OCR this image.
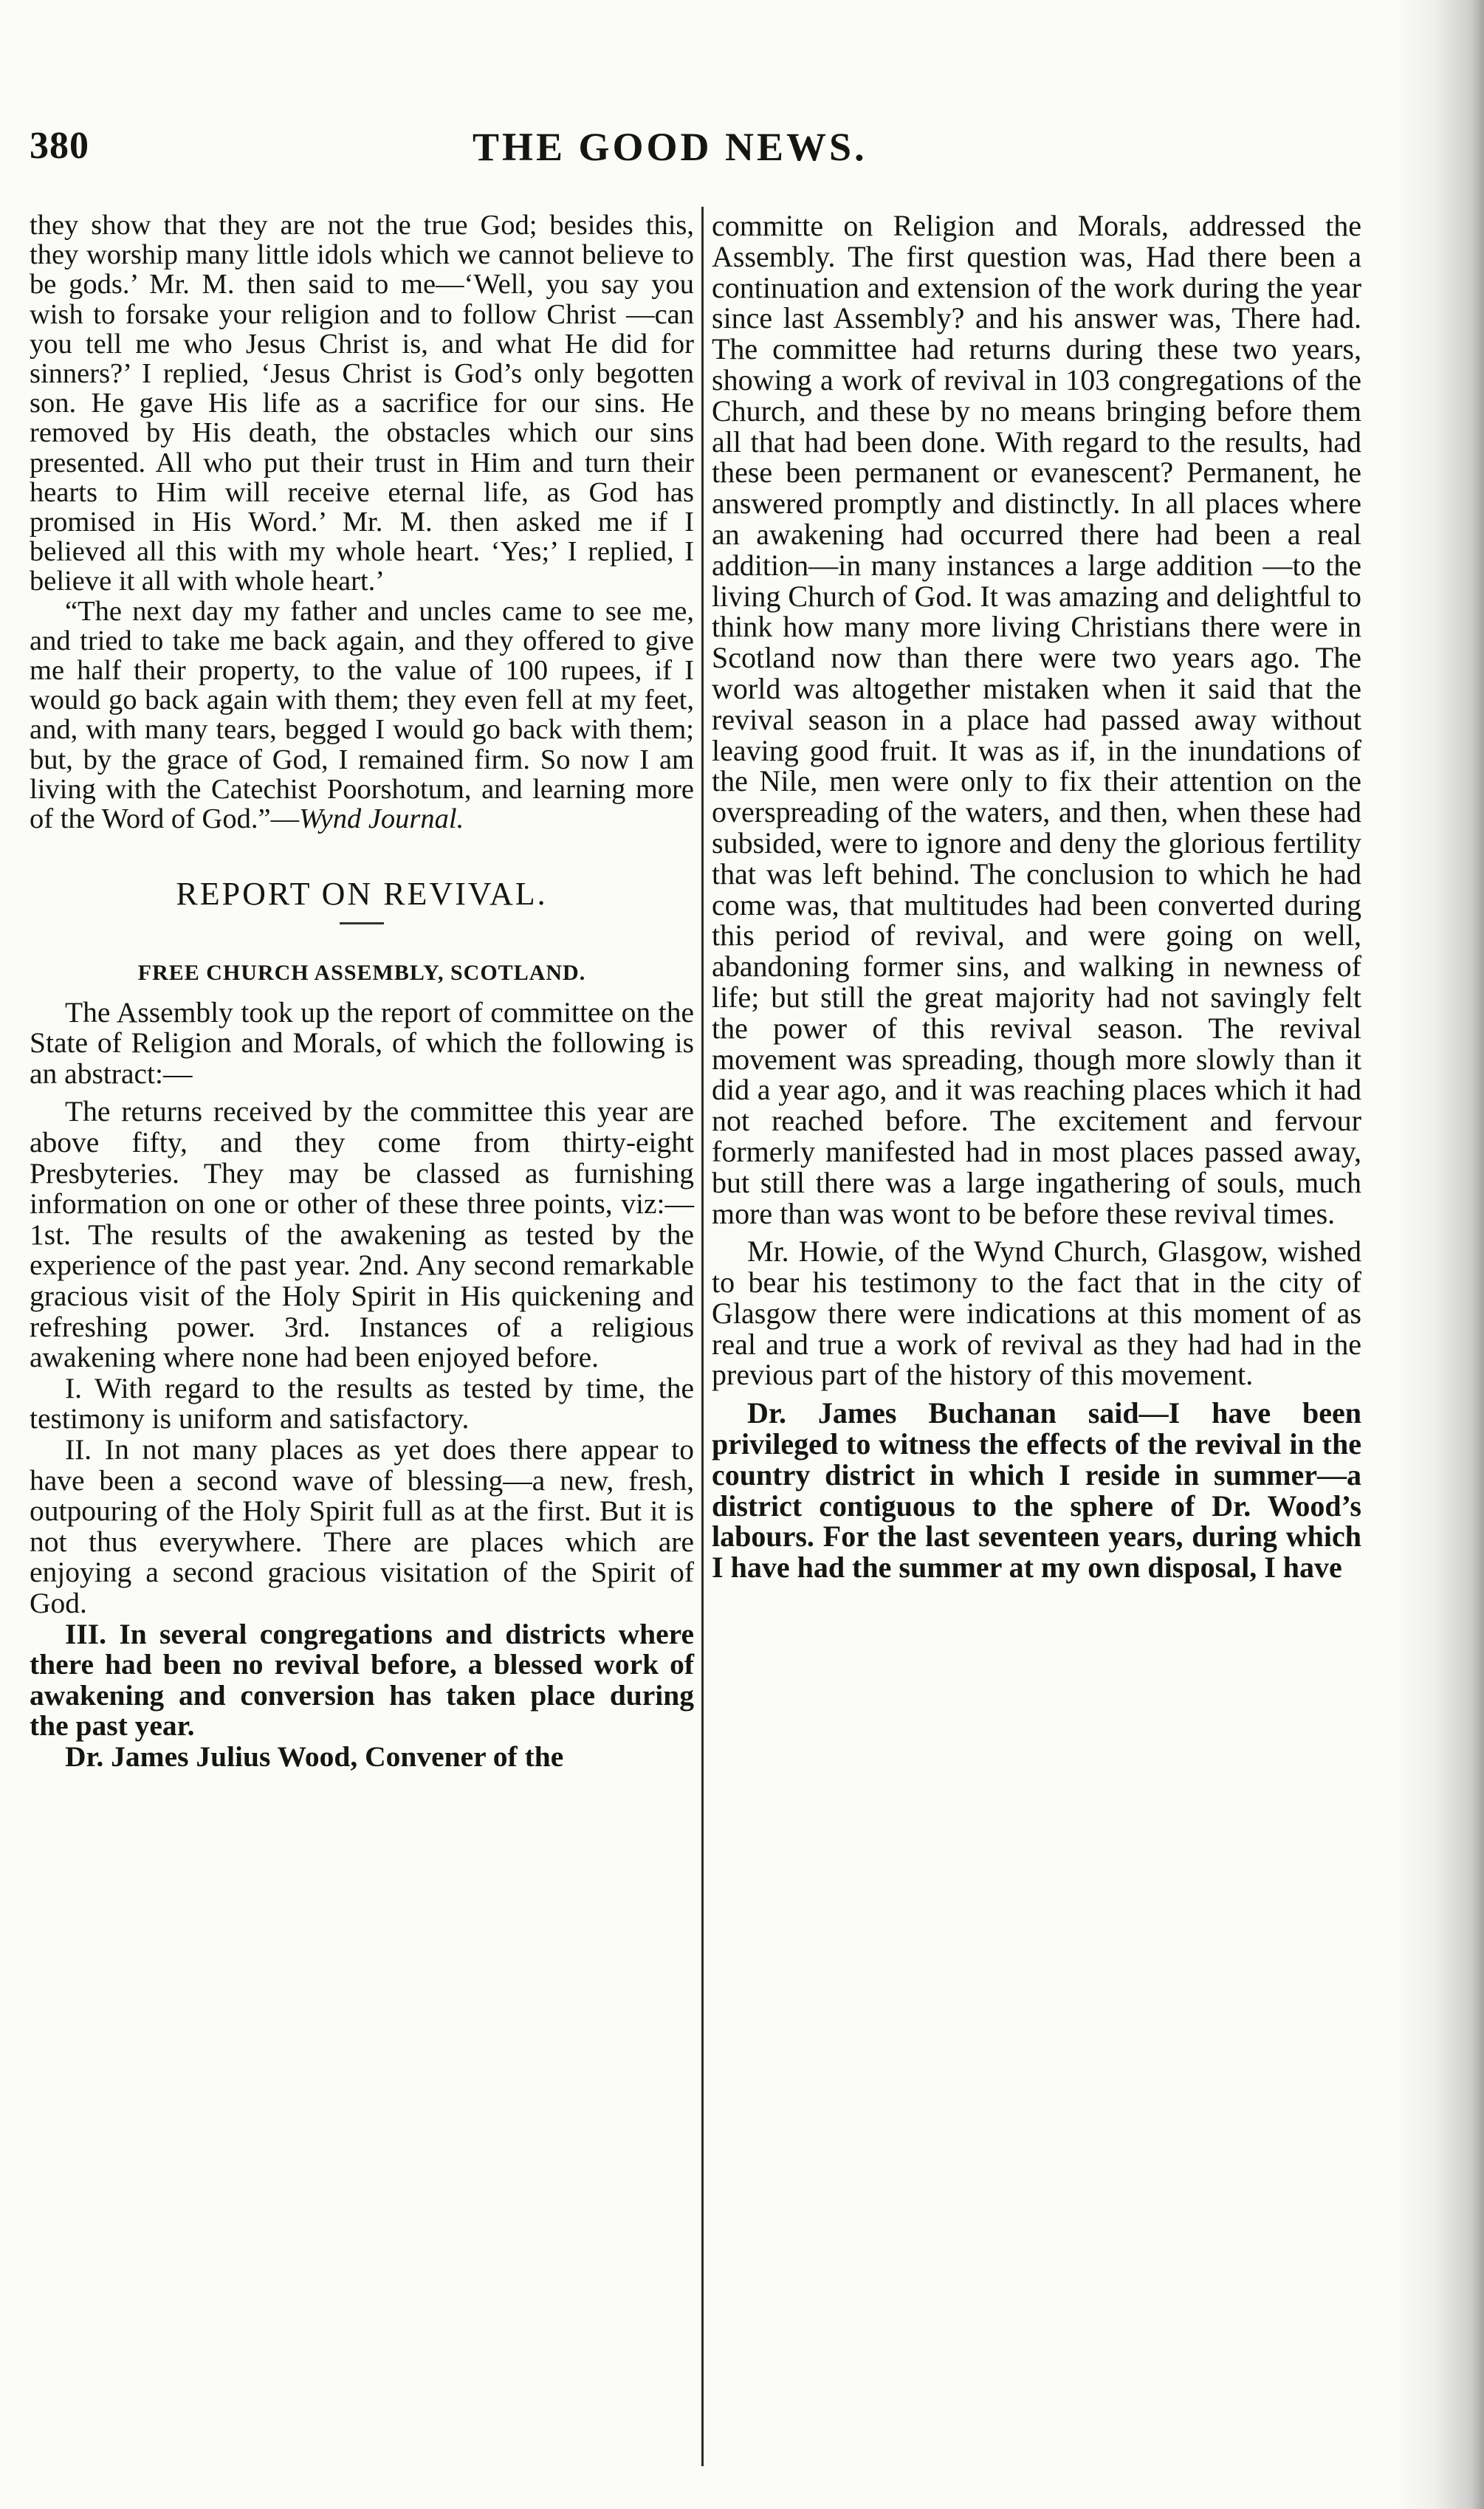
380	THE GOOD NEWS.

they show that they are not the true God; besides this, they worship many little idols which we cannot believe to be gods.’ Mr. M. then said to me—‘Well, you say you wish to forsake your religion and to follow Christ —can you tell me who Jesus Christ is, and what He did for sinners?’ I replied, ‘Jesus Christ is God’s only begotten son. He gave His life as a sacrifice for our sins. He removed by His death, the obstacles which our sins presented. All who put their trust in Him and turn their hearts to Him will receive eternal life, as God has promised in His Word.’ Mr. M. then asked me if I believed all this with my whole heart. ‘Yes;’ I replied, I believe it all with whole heart.’

“The next day my father and uncles came to see me, and tried to take me back again, and they offered to give me half their property, to the value of 100 rupees, if I would go back again with them; they even fell at my feet, and, with many tears, begged I would go back with them; but, by the grace of God, I remained firm. So now I am living with the Catechist Poorshotum, and learning more of the Word of God.”—Wynd Journal.

REPORT ON REVIVAL.
FREE CHURCH ASSEMBLY, SCOTLAND.

The Assembly took up the report of committee on the State of Religion and Morals, of which the following is an abstract:—

The returns received by the committee this year are above fifty, and they come from thirty-eight Presbyteries. They may be classed as furnishing information on one or other of these three points, viz:—1st. The results of the awakening as tested by the experience of the past year. 2nd. Any second remarkable gracious visit of the Holy Spirit in His quickening and refreshing power. 3rd. Instances of a religious awakening where none had been enjoyed before.

I. With regard to the results as tested by time, the testimony is uniform and satisfactory.

II. In not many places as yet does there appear to have been a second wave of blessing—a new, fresh, outpouring of the Holy Spirit full as at the first. But it is not thus everywhere. There are places which are enjoying a second gracious visitation of the Spirit of God.

III. In several congregations and districts where there had been no revival before, a blessed work of awakening and conversion has taken place during the past year.

Dr. James Julius Wood, Convener of the

committe on Religion and Morals, addressed the Assembly. The first question was, Had there been a continuation and extension of the work during the year since last Assembly? and his answer was, There had. The committee had returns during these two years, showing a work of revival in 103 congregations of the Church, and these by no means bringing before them all that had been done. With regard to the results, had these been permanent or evanescent? Permanent, he answered promptly and distinctly. In all places where an awakening had occurred there had been a real addition—in many instances a large addition —to the living Church of God. It was amazing and delightful to think how many more living Christians there were in Scotland now than there were two years ago. The world was altogether mistaken when it said that the revival season in a place had passed away without leaving good fruit. It was as if, in the inundations of the Nile, men were only to fix their attention on the overspreading of the waters, and then, when these had subsided, were to ignore and deny the glorious fertility that was left behind. The conclusion to which he had come was, that multitudes had been converted during this period of revival, and were going on well, abandoning former sins, and walking in newness of life; but still the great majority had not savingly felt the power of this revival season. The revival movement was spreading, though more slowly than it did a year ago, and it was reaching places which it had not reached before. The excitement and fervour formerly manifested had in most places passed away, but still there was a large ingathering of souls, much more than was wont to be before these revival times.

Mr. Howie, of the Wynd Church, Glasgow, wished to bear his testimony to the fact that in the city of Glasgow there were indications at this moment of as real and true a work of revival as they had had in the previous part of the history of this movement.

Dr. James Buchanan said—I have been privileged to witness the effects of the revival in the country district in which I reside in summer—a district contiguous to the sphere of Dr. Wood’s labours. For the last seventeen years, during which I have had the summer at my own disposal, I have
